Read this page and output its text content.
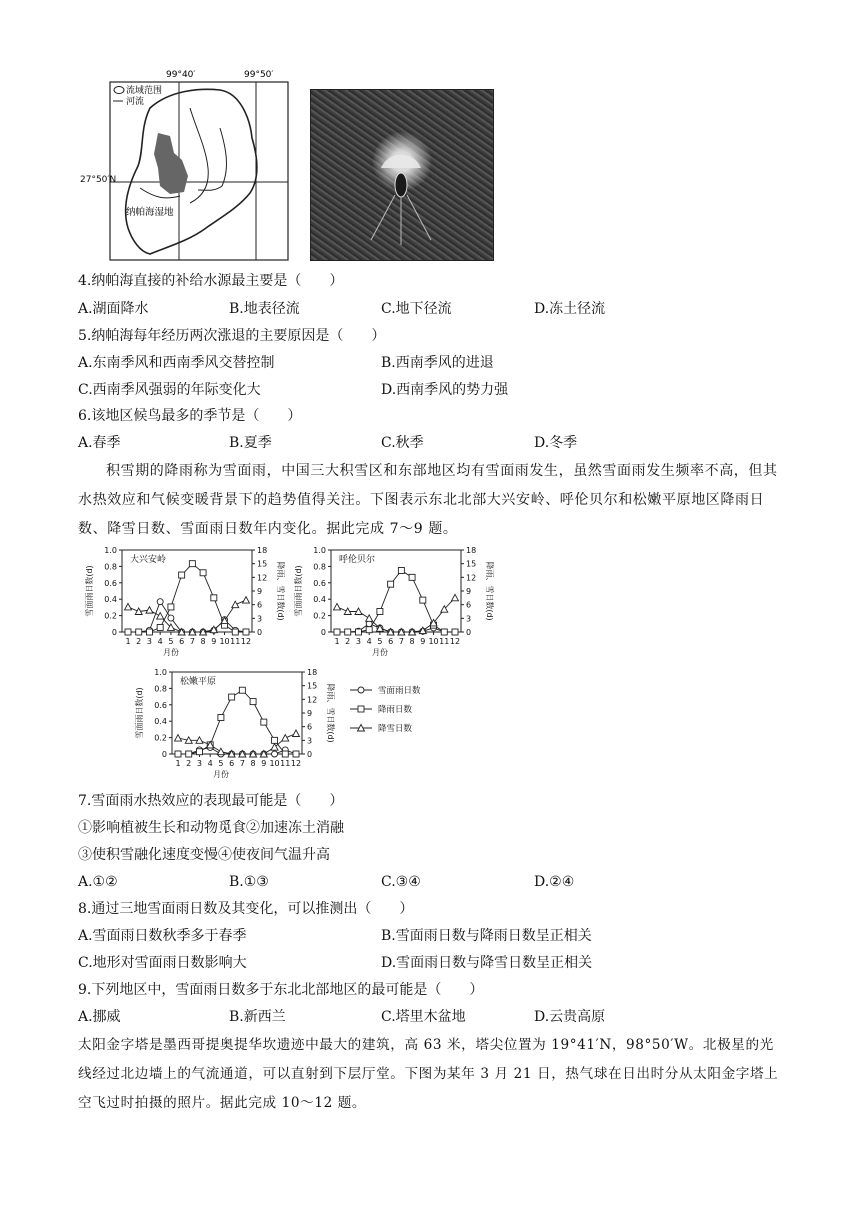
流域范围
河流
纳帕海湿地
99°40′	99°50′
27°50′N
4.纳帕海直接的补给水源最主要是（　　）
A.湖面降水	B.地表径流	C.地下径流	D.冻土径流
5.纳帕海每年经历两次涨退的主要原因是（　　）
A.东南季风和西南季风交替控制	B.西南季风的进退
C.西南季风强弱的年际变化大	D.西南季风的势力强
6.该地区候鸟最多的季节是（　　）
A.春季	B.夏季	C.秋季	D.冬季
积雪期的降雨称为雪面雨，中国三大积雪区和东部地区均有雪面雨发生，虽然雪面雨发生频率不高，但其水热效应和气候变暖背景下的趋势值得关注。下图表示东北北部大兴安岭、呼伦贝尔和松嫩平原地区降雨日数、降雪日数、雪面雨日数年内变化。据此完成 7～9 题。
雪面雨日数
降雨日数
降雪日数
大兴安岭
1.0
0.8
0.6
0.4
0.2
0
18
15
12
9
6
3
0
1 2 3 4 5 6 7 8 9 10 11 12
月份
雪面雨日数(d)	降雨、雪日数(d)
呼伦贝尔
1.0
0.8
0.6
0.4
0.2
0
18
15
12
9
6
3
0
1 2 3 4 5 6 7 8 9 10 11 12
月份
雪面雨日数(d)	降雨、雪日数(d)
松嫩平原
1.0
0.8
0.6
0.4
0.2
0
18
15
12
9
6
3
0
1 2 3 4 5 6 7 8 9 10 11 12
月份
雪面雨日数(d)	降雨、雪日数(d)
7.雪面雨水热效应的表现最可能是（　　）
①影响植被生长和动物觅食②加速冻土消融
③使积雪融化速度变慢④使夜间气温升高
A.①②	B.①③	C.③④	D.②④
8.通过三地雪面雨日数及其变化，可以推测出（　　）
A.雪面雨日数秋季多于春季	B.雪面雨日数与降雨日数呈正相关
C.地形对雪面雨日数影响大	D.雪面雨日数与降雪日数呈正相关
9.下列地区中，雪面雨日数多于东北北部地区的最可能是（　　）
A.挪威	B.新西兰	C.塔里木盆地	D.云贵高原
太阳金字塔是墨西哥提奥提华坎遗迹中最大的建筑，高 63 米，塔尖位置为 19°41′N，98°50′W。北极星的光线经过北边墙上的气流通道，可以直射到下层厅堂。下图为某年 3 月 21 日，热气球在日出时分从太阳金字塔上空飞过时拍摄的照片。据此完成 10～12 题。
